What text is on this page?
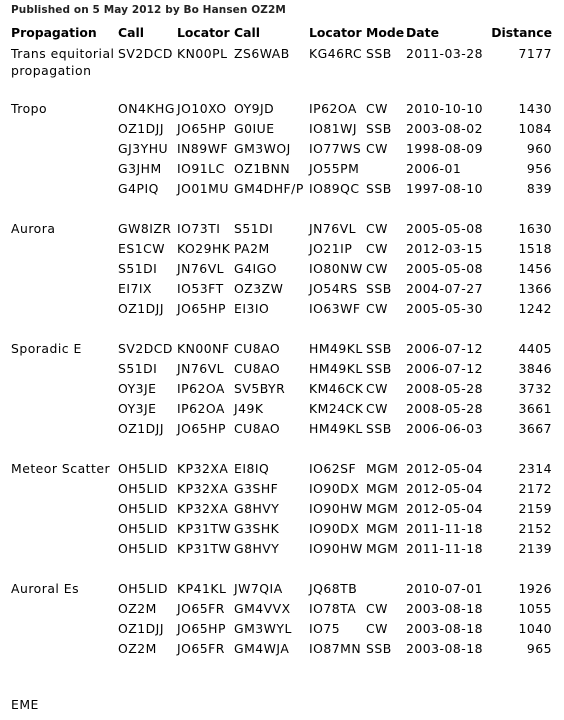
Published on 5 May 2012 by Bo Hansen OZ2M
Propagation	Call	Locator	Call	Locator	Mode	Date	Distance
Trans equitorial propagation	SV2DCD	KN00PL	ZS6WAB	KG46RC	SSB	2011-03-28	7177

Tropo	ON4KHG	JO10XO	OY9JD	IP62OA	CW	2010-10-10	1430
	OZ1DJJ	JO65HP	G0IUE	IO81WJ	SSB	2003-08-02	1084
	GJ3YHU	IN89WF	GM3WOJ	IO77WS	CW	1998-08-09	960
	G3JHM	IO91LC	OZ1BNN	JO55PM		2006-01	956
	G4PIQ	JO01MU	GM4DHF/P	IO89QC	SSB	1997-08-10	839

Aurora	GW8IZR	IO73TI	S51DI	JN76VL	CW	2005-05-08	1630
	ES1CW	KO29HK	PA2M	JO21IP	CW	2012-03-15	1518
	S51DI	JN76VL	G4IGO	IO80NW	CW	2005-05-08	1456
	EI7IX	IO53FT	OZ3ZW	JO54RS	SSB	2004-07-27	1366
	OZ1DJJ	JO65HP	EI3IO	IO63WF	CW	2005-05-30	1242

Sporadic E	SV2DCD	KN00NF	CU8AO	HM49KL	SSB	2006-07-12	4405
	S51DI	JN76VL	CU8AO	HM49KL	SSB	2006-07-12	3846
	OY3JE	IP62OA	SV5BYR	KM46CK	CW	2008-05-28	3732
	OY3JE	IP62OA	J49K	KM24CK	CW	2008-05-28	3661
	OZ1DJJ	JO65HP	CU8AO	HM49KL	SSB	2006-06-03	3667

Meteor Scatter	OH5LID	KP32XA	EI8IQ	IO62SF	MGM	2012-05-04	2314
	OH5LID	KP32XA	G3SHF	IO90DX	MGM	2012-05-04	2172
	OH5LID	KP32XA	G8HVY	IO90HW	MGM	2012-05-04	2159
	OH5LID	KP31TW	G3SHK	IO90DX	MGM	2011-11-18	2152
	OH5LID	KP31TW	G8HVY	IO90HW	MGM	2011-11-18	2139

Auroral Es	OH5LID	KP41KL	JW7QIA	JQ68TB		2010-07-01	1926
	OZ2M	JO65FR	GM4VVX	IO78TA	CW	2003-08-18	1055
	OZ1DJJ	JO65HP	GM3WYL	IO75	CW	2003-08-18	1040
	OZ2M	JO65FR	GM4WJA	IO87MN	SSB	2003-08-18	965
EME
